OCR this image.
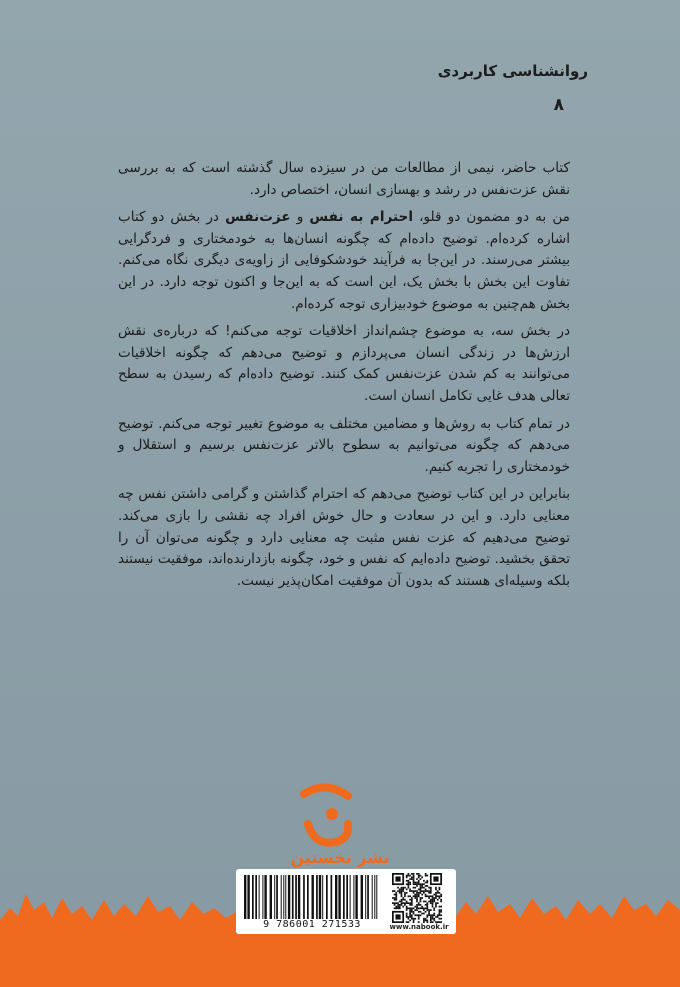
روانشناسی کاربردی
۸

کتاب حاضر، نیمی از مطالعات من در سیزده سال گذشته است که به بررسی نقش عزت‌نفس در رشد و بهسازی انسان، اختصاص دارد.

من به دو مضمون دو قلو، احترام به نفس و عزت‌نفس در بخش دو کتاب اشاره کرده‌ام. توضیح داده‌ام که چگونه انسان‌ها به خودمختاری و فردگرایی بیشتر می‌رسند. در این‌جا به فرآیند خودشکوفایی از زاویه‌ی دیگری نگاه می‌کنم. تفاوت این بخش با بخش یک، این است که به این‌جا و اکنون توجه دارد. در این بخش هم‌چنین به موضوع خودبیزاری توجه کرده‌ام.

در بخش سه، به موضوع چشم‌انداز اخلاقیات توجه می‌کنم! که درباره‌ی نقش ارزش‌ها در زندگی انسان می‌پردازم و توضیح می‌دهم که چگونه اخلاقیات می‌توانند به کم شدن عزت‌نفس کمک کنند. توضیح داده‌ام که رسیدن به سطح تعالی هدف غایی تکامل انسان است.

در تمام کتاب به روش‌ها و مضامین مختلف به موضوع تغییر توجه می‌کنم. توضیح می‌دهم که چگونه می‌توانیم به سطوح بالاتر عزت‌نفس برسیم و استقلال و خودمختاری را تجربه کنیم.

بنابراین در این کتاب توضیح می‌دهم که احترام گذاشتن و گرامی داشتن نفس چه معنایی دارد. و این در سعادت و حال خوش افراد چه نقشی را بازی می‌کند. توضیح می‌دهیم که عزت نفس مثبت چه معنایی دارد و چگونه می‌توان آن را تحقق بخشید. توضیح داده‌ایم که نفس و خود، چگونه بازدارنده‌اند، موفقیت نیستند بلکه وسیله‌ای هستند که بدون آن موفقیت امکان‌پذیر نیست.

نشر نخستین
9 786001 271533	www.nabook.ir
